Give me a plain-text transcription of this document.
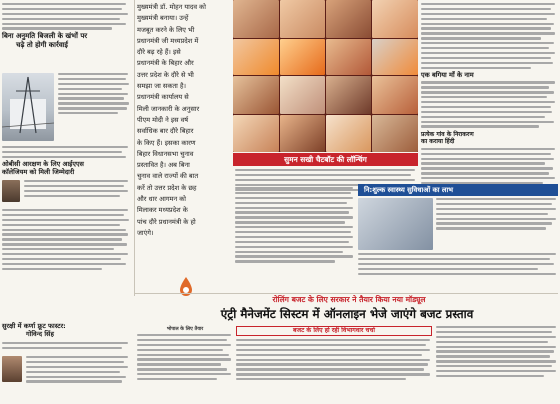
बिना अनुमति बिजली के खंभों पर
चढ़े तो होगी कार्रवाई
ओबीसी आरक्षण के लिए आईएएस
काॅलेजियम को मिली जिम्मेदारी
सुरक्षी में कर्णा फ्रूट फास्टर:
गोविन्द सिंह
मुख्यमंत्री डॉ. मोहन यादव को
मुख्यमंत्री बनाया। उन्हें
मजबूत करने के लिए भी
प्रधानमंत्री जी मध्यप्रदेश में
दौरे बढ़ रहे हैं। इसे
प्रधानमंत्री के बिहार और
उत्तर प्रदेश के दौरे से भी
समझा जा सकता है।
प्रधानमंत्री कार्यालय से
मिली जानकारी के अनुसार
पीएम मोदी ने इस वर्ष
सर्वाधिक बार दौरे बिहार
के किए हैं। इसका कारण
बिहार विधानसभा चुनाव
प्रस्तावित है। अब बिना
चुनाव वाले राज्यों की बात
करें तो उत्तर प्रदेश के छह
और धार आगमन को
मिलाकर मध्यप्रदेश के
पांच दौरे प्रधानमंत्री के हो
जाएंगे।
एक बगिया माँ के नाम
प्रत्येक गांव के निराकरण
का कराया हिंदी
सुमन सखी चैटबॉट की लॉन्चिंग
नि:शुल्क स्वास्थ्य सुविधाओं का लाभ
रोलिंग बजट के लिए सरकार ने तैयार किया नया मॉड्यूल
एंट्री मैनेजमेंट सिस्टम में ऑनलाइन भेजे जाएंगे बजट प्रस्ताव
भोपाल के लिए तैयार	बजट के लिए हो रही विभागवार चर्चा
